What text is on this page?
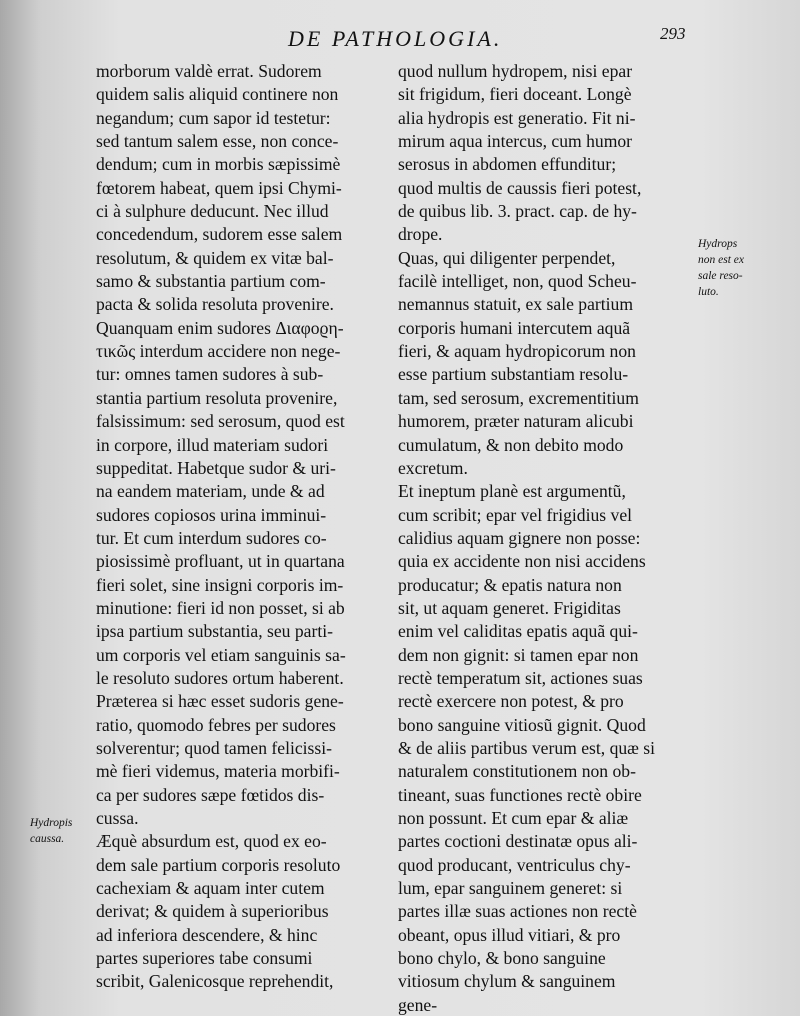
DE PATHOLOGIA.	293
morborum valdè errat. Sudorem
quidem salis aliquid continere non
negandum; cum sapor id testetur:
sed tantum salem esse, non conce-
dendum; cum in morbis sæpissimè
fœtorem habeat, quem ipsi Chymi-
ci à sulphure deducunt. Nec illud
concedendum, sudorem esse salem
resolutum, & quidem ex vitæ bal-
samo & substantia partium com-
pacta & solida resoluta provenire.
Quanquam enim sudores Διαφοϱη-
τικῶς interdum accidere non nege-
tur: omnes tamen sudores à sub-
stantia partium resoluta provenire,
falsissimum: sed serosum, quod est
in corpore, illud materiam sudori
suppeditat. Habetque sudor & uri-
na eandem materiam, unde & ad
sudores copiosos urina imminui-
tur. Et cum interdum sudores co-
piosissimè profluant, ut in quartana
fieri solet, sine insigni corporis im-
minutione: fieri id non posset, si ab
ipsa partium substantia, seu parti-
um corporis vel etiam sanguinis sa-
le resoluto sudores ortum haberent.
Præterea si hæc esset sudoris gene-
ratio, quomodo febres per sudores
solverentur; quod tamen felicissi-
mè fieri videmus, materia morbifi-
ca per sudores sæpe fœtidos dis-
cussa.
Æquè absurdum est, quod ex eo-
dem sale partium corporis resoluto
cachexiam & aquam inter cutem
derivat; & quidem à superioribus
ad inferiora descendere, & hinc
partes superiores tabe consumi
scribit, Galenicosque reprehendit,
quod nullum hydropem, nisi epar
sit frigidum, fieri doceant. Longè
alia hydropis est generatio. Fit ni-
mirum aqua intercus, cum humor
serosus in abdomen effunditur;
quod multis de caussis fieri potest,
de quibus lib. 3. pract. cap. de hy-
drope.
Quas, qui diligenter perpendet,
facilè intelliget, non, quod Scheu-
nemannus statuit, ex sale partium
corporis humani intercutem aquã
fieri, & aquam hydropicorum non
esse partium substantiam resolu-
tam, sed serosum, excrementitium
humorem, præter naturam alicubi
cumulatum, & non debito modo
excretum.
Et ineptum planè est argumentũ,
cum scribit; epar vel frigidius vel
calidius aquam gignere non posse:
quia ex accidente non nisi accidens
producatur; & epatis natura non
sit, ut aquam generet. Frigiditas
enim vel caliditas epatis aquã qui-
dem non gignit: si tamen epar non
rectè temperatum sit, actiones suas
rectè exercere non potest, & pro
bono sanguine vitiosũ gignit. Quod
& de aliis partibus verum est, quæ si
naturalem constitutionem non ob-
tineant, suas functiones rectè obire
non possunt. Et cum epar & aliæ
partes coctioni destinatæ opus ali-
quod producant, ventriculus chy-
lum, epar sanguinem generet: si
partes illæ suas actiones non rectè
obeant, opus illud vitiari, & pro
bono chylo, & bono sanguine
vitiosum chylum & sanguinem
gene-
Hydrops
non est ex
sale reso-
luto.
Hydropis
caussa.
